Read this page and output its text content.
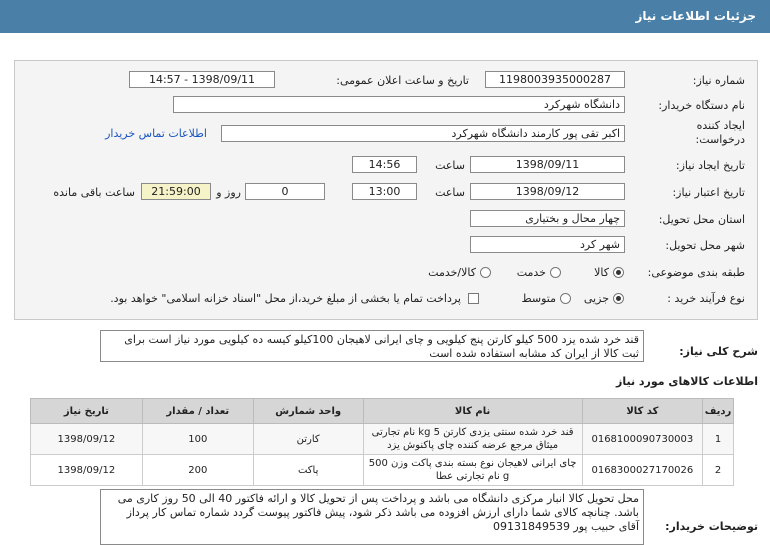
جزئیات اطلاعات نیاز
شماره نیاز:
1198003935000287
تاریخ و ساعت اعلان عمومی:
1398/09/11 - 14:57
نام دستگاه خریدار:
دانشگاه شهرکرد
ایجاد کننده
درخواست:
اکبر تقی پور کارمند دانشگاه شهرکرد
اطلاعات تماس خریدار
تاریخ ایجاد نیاز:
1398/09/11
ساعت
14:56
تاریخ اعتبار نیاز:
1398/09/12
ساعت
13:00
0
روز و
21:59:00
ساعت باقی مانده
استان محل تحویل:
چهار محال و بختیاری
شهر محل تحویل:
شهر کرد
طبقه بندی موضوعی:
کالا
خدمت
کالا/خدمت
نوع فرآیند خرید :
جزیی
متوسط
پرداخت تمام یا بخشی از مبلغ خرید،از محل "اسناد خزانه اسلامی" خواهد بود.
شرح کلی نیاز:
قند خرد شده یزد 500 کیلو کارتن پنج کیلویی و چای ایرانی لاهیجان 100کیلو کیسه ده کیلویی مورد نیاز است برای ثبت کالا از ایران کد مشابه استفاده شده است
اطلاعات کالاهای مورد نیاز
ردیف	کد کالا	نام کالا	واحد شمارش	تعداد / مقدار	تاریخ نیاز
1	0168100090730003	قند خرد شده سنتی یزدی کارتن 5 kg نام تجارتی میثاق مرجع عرضه کننده چای پاکنوش یزد	کارتن	100	1398/09/12
2	0168300027170026	چای ایرانی لاهیجان نوع بسته بندی پاکت وزن 500 g نام تجارتی عطا	پاکت	200	1398/09/12
توضیحات خریدار:
محل تحویل کالا انبار مرکزی دانشگاه می باشد و پرداخت پس از تحویل کالا و ارائه فاکتور 40 الی 50 روز کاری می باشد. چنانچه کالای شما دارای ارزش افزوده می باشد ذکر شود، پیش فاکتور پیوست گردد شماره تماس کار پرداز آقای حبیب پور 09131849539
